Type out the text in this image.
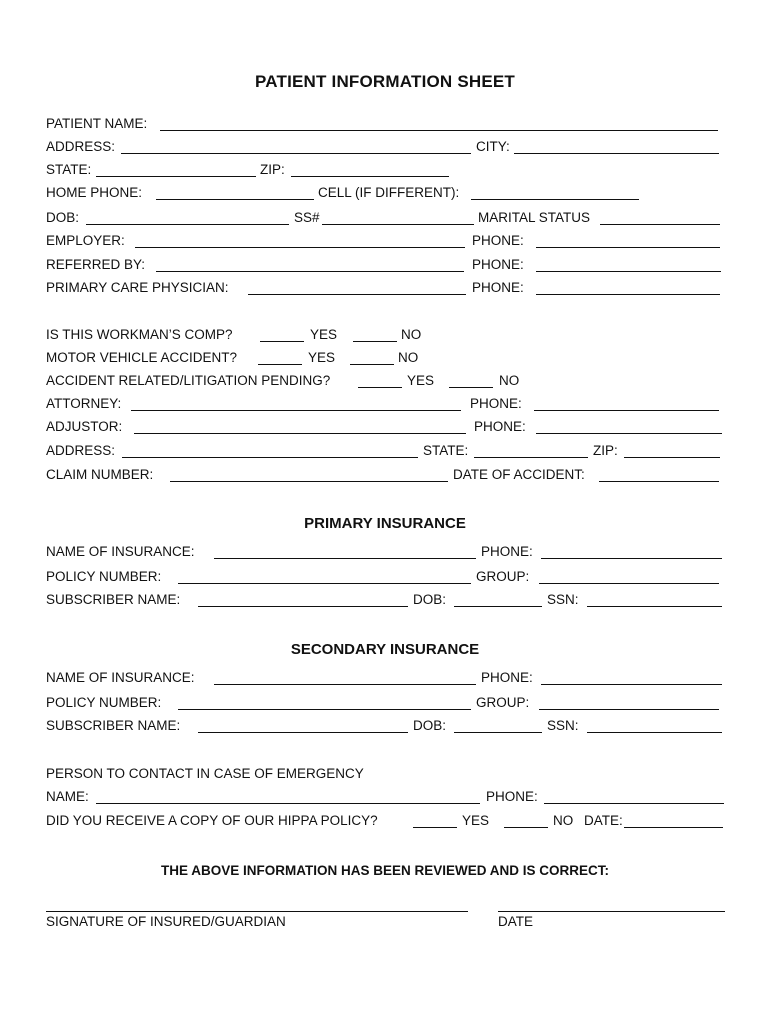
PATIENT INFORMATION SHEET
PATIENT NAME:
ADDRESS:	CITY:
STATE:	ZIP:
HOME PHONE:	CELL (IF DIFFERENT):
DOB:	SS#	MARITAL STATUS
EMPLOYER:	PHONE:
REFERRED BY:	PHONE:
PRIMARY CARE PHYSICIAN:	PHONE:
IS THIS WORKMAN’S COMP?	YES	NO
MOTOR VEHICLE ACCIDENT?	YES	NO
ACCIDENT RELATED/LITIGATION PENDING?	YES	NO
ATTORNEY:	PHONE:
ADJUSTOR:	PHONE:
ADDRESS:	STATE:	ZIP:
CLAIM NUMBER:	DATE OF ACCIDENT:
PRIMARY INSURANCE
NAME OF INSURANCE:	PHONE:
POLICY NUMBER:	GROUP:
SUBSCRIBER NAME:	DOB:	SSN:
SECONDARY INSURANCE
NAME OF INSURANCE:	PHONE:
POLICY NUMBER:	GROUP:
SUBSCRIBER NAME:	DOB:	SSN:
PERSON TO CONTACT IN CASE OF EMERGENCY
NAME:	PHONE:
DID YOU RECEIVE A COPY OF OUR HIPPA POLICY?	YES	NO DATE:
THE ABOVE INFORMATION HAS BEEN REVIEWED AND IS CORRECT:
SIGNATURE OF INSURED/GUARDIAN	DATE
